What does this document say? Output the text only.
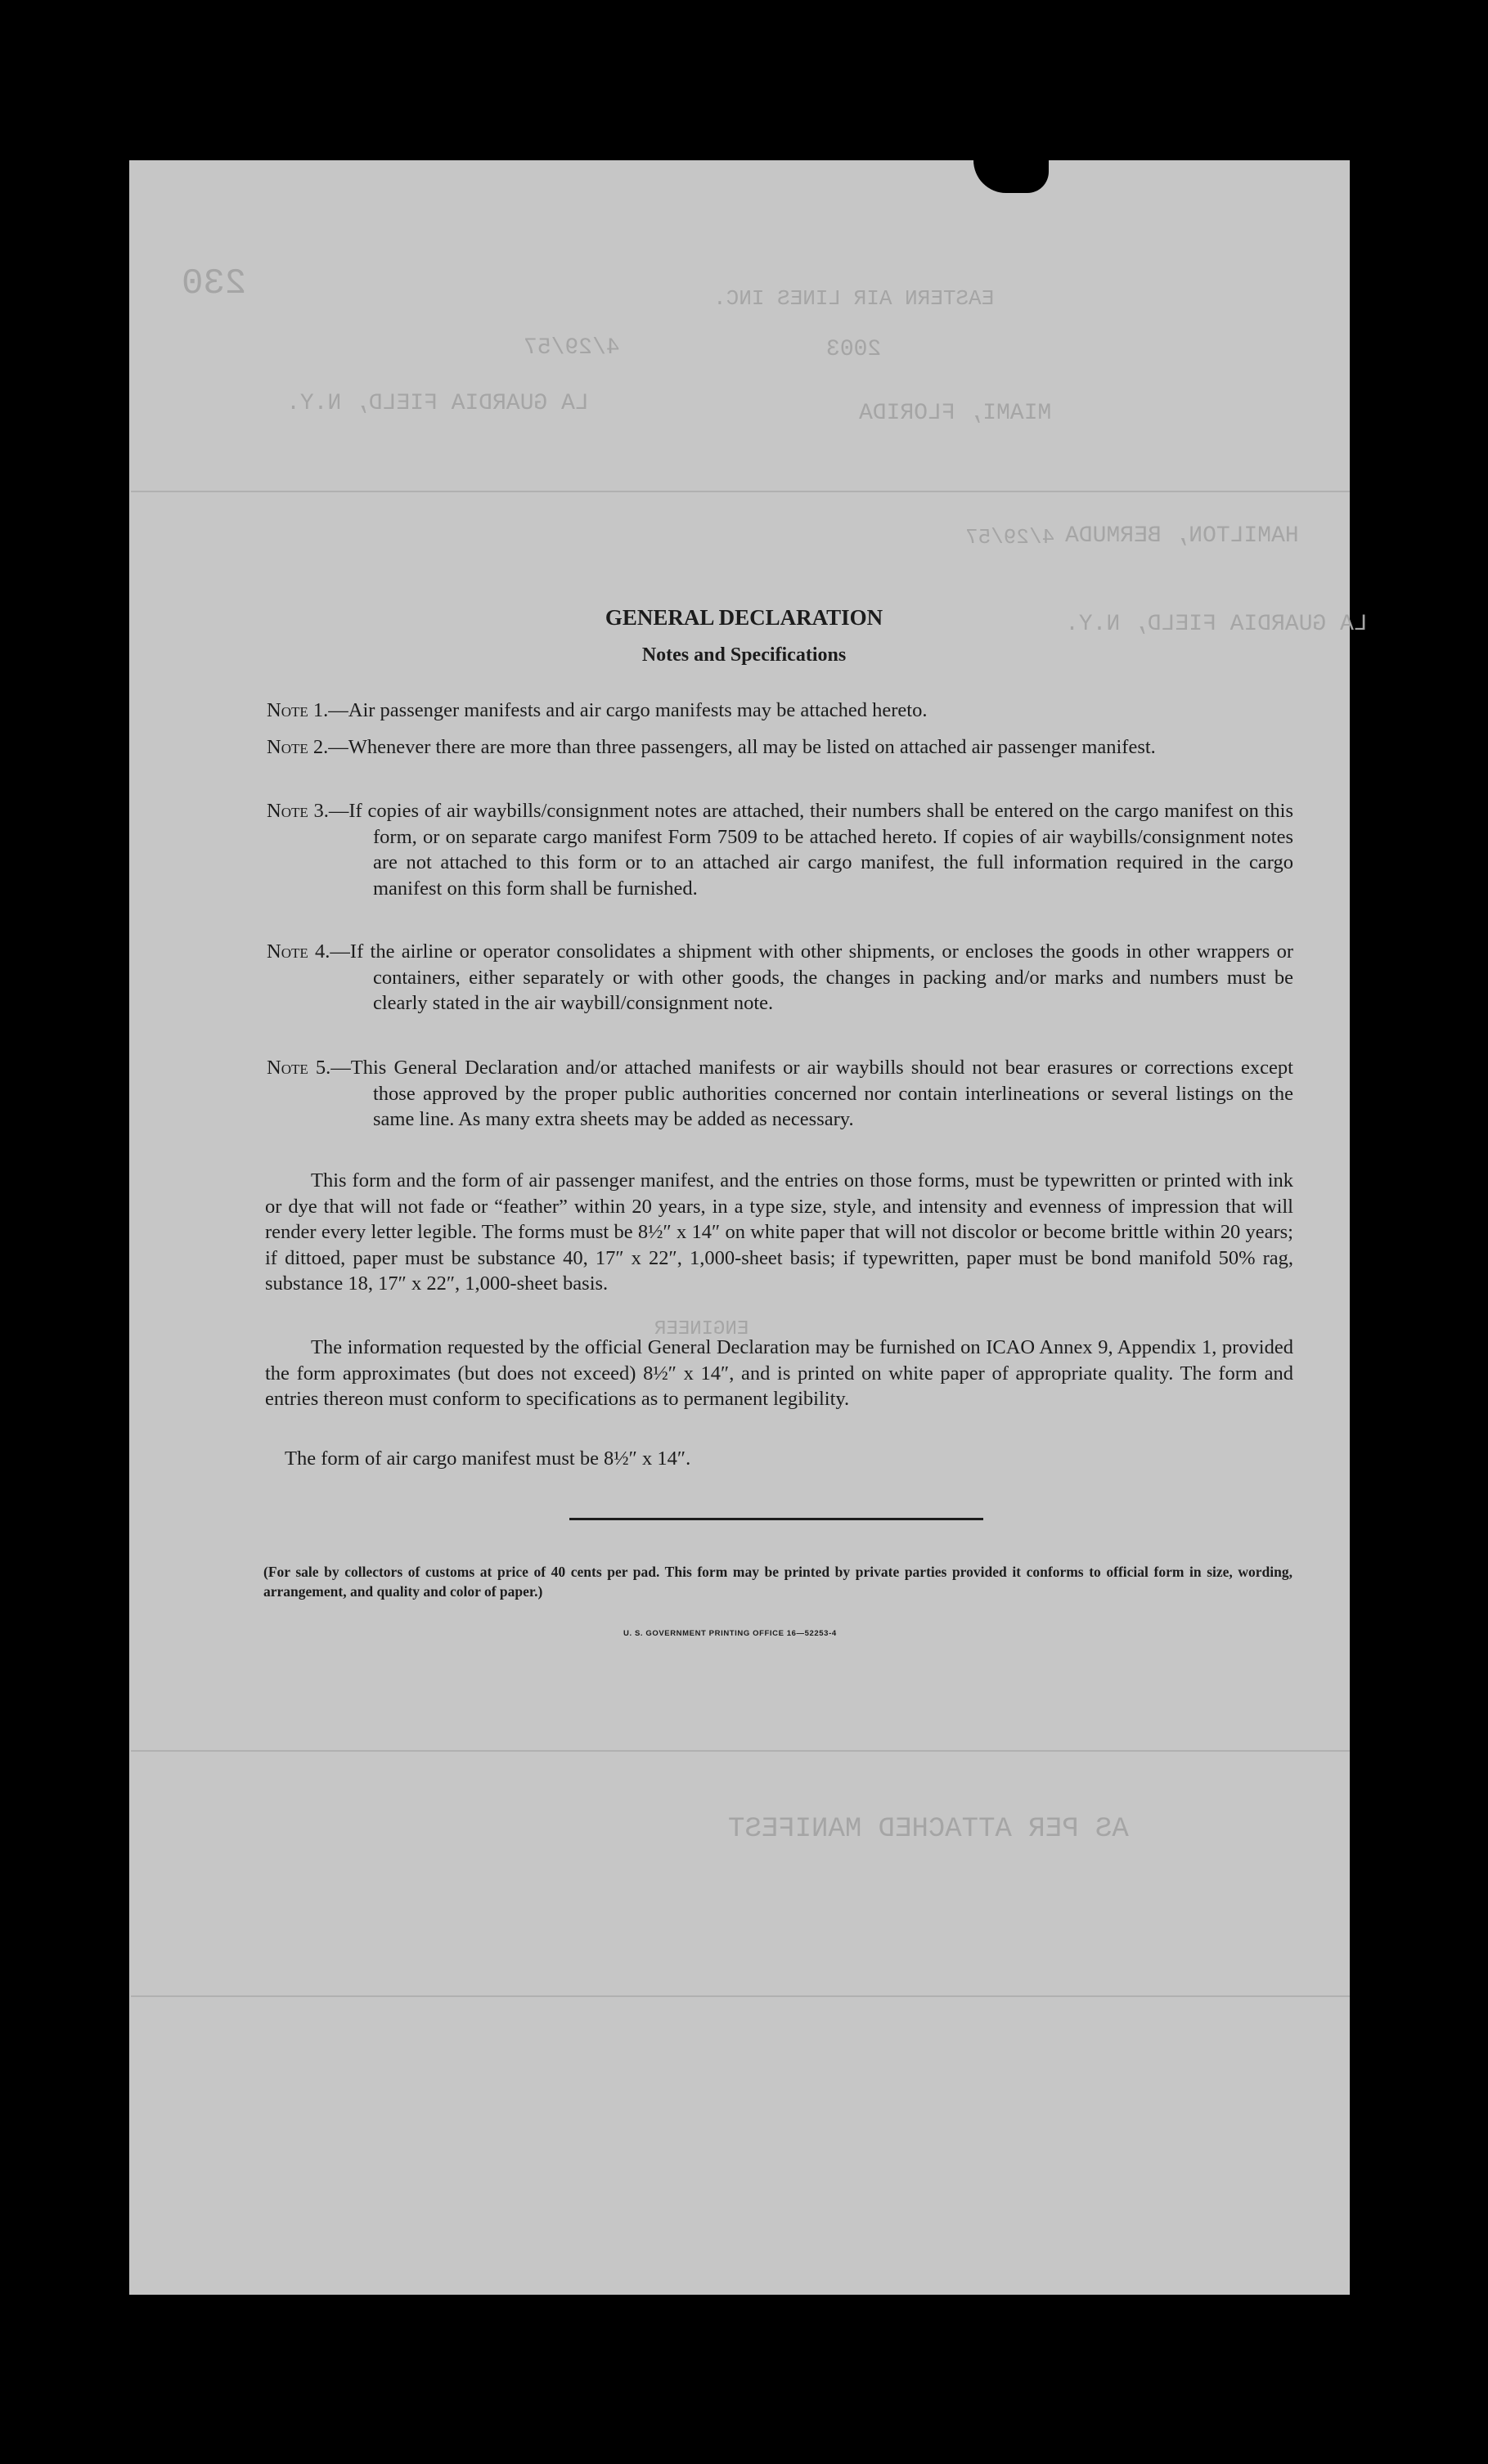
230	EASTERN AIR LINES INC.
2003
4/29/57
MIAMI, FLORIDA
LA GUARDIA FIELD, N.Y.
HAMILTON, BERMUDA
4/29/57
LA GUARDIA FIELD, N.Y.
ENGINEER
AS PER ATTACHED MANIFEST
GENERAL DECLARATION
Notes and Specifications
Note 1.—Air passenger manifests and air cargo manifests may be attached hereto.
Note 2.—Whenever there are more than three passengers, all may be listed on attached air passenger manifest.
Note 3.—If copies of air waybills/consignment notes are attached, their numbers shall be entered on the cargo manifest on this form, or on separate cargo manifest Form 7509 to be attached hereto. If copies of air waybills/consignment notes are not attached to this form or to an attached air cargo manifest, the full information required in the cargo manifest on this form shall be furnished.
Note 4.—If the airline or operator consolidates a shipment with other shipments, or encloses the goods in other wrappers or containers, either separately or with other goods, the changes in packing and/or marks and numbers must be clearly stated in the air waybill/consignment note.
Note 5.—This General Declaration and/or attached manifests or air waybills should not bear erasures or corrections except those approved by the proper public authorities concerned nor contain interlineations or several listings on the same line. As many extra sheets may be added as necessary.
This form and the form of air passenger manifest, and the entries on those forms, must be typewritten or printed with ink or dye that will not fade or “feather” within 20 years, in a type size, style, and intensity and evenness of impression that will render every letter legible. The forms must be 8½″ x 14″ on white paper that will not discolor or become brittle within 20 years; if dittoed, paper must be substance 40, 17″ x 22″, 1,000-sheet basis; if typewritten, paper must be bond manifold 50% rag, substance 18, 17″ x 22″, 1,000-sheet basis.
The information requested by the official General Declaration may be furnished on ICAO Annex 9, Appendix 1, provided the form approximates (but does not exceed) 8½″ x 14″, and is printed on white paper of appropriate quality. The form and entries thereon must conform to specifications as to permanent legibility.
The form of air cargo manifest must be 8½″ x 14″.
(For sale by collectors of customs at price of 40 cents per pad. This form may be printed by private parties provided it conforms to official form in size, wording, arrangement, and quality and color of paper.)
U. S. GOVERNMENT PRINTING OFFICE 16—52253-4
